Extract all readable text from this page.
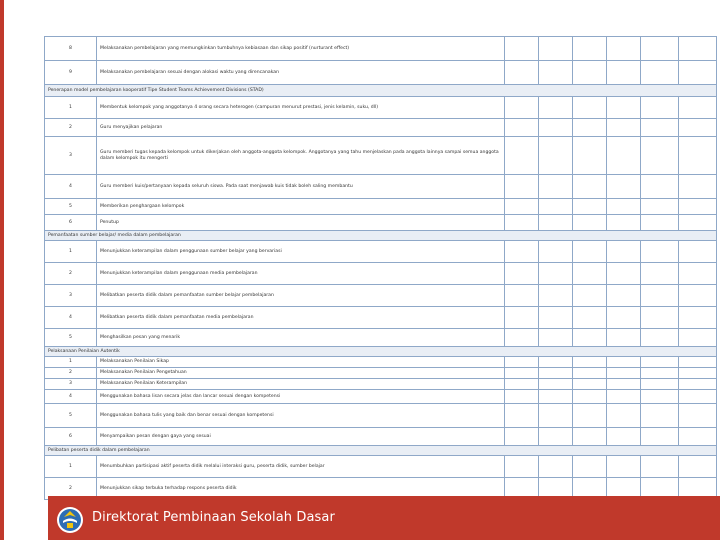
8	Melaksanakan pembelajaran yang memungkinkan tumbuhnya kebiasaan dan sikap positif (nurturant effect)						
9	Melaksanakan pembelajaran sesuai dengan alokasi waktu yang direncanakan						
Penerapan model pembelajaran kooperatif Tipe Student Teams Achievement Divisions (STAD)							
1	Membentuk kelompok yang anggotanya 4 orang secara heterogen (campuran menurut prestasi, jenis kelamin, suku, dll)						
2	Guru menyajikan pelajaran						
3	Guru memberi tugas kepada kelompok untuk dikerjakan oleh anggota-anggota kelompok. Anggotanya yang tahu menjelaskan pada anggota lainnya sampai semua anggota dalam kelompok itu mengerti						
4	Guru memberi kuis/pertanyaan kepada seluruh siswa. Pada saat menjawab kuis tidak boleh saling membantu						
5	Memberikan penghargaan kelompok						
6	Penutup						
Pemanfaatan sumber belajar/ media dalam pembelajaran							
1	Menunjukkan keterampilan dalam penggunaan sumber belajar yang bervariasi						
2	Menunjukkan keterampilan dalam penggunaan media pembelajaran						
3	Melibatkan peserta didik dalam pemanfaatan sumber belajar pembelajaran						
4	Melibatkan peserta didik dalam pemanfaatan media pembelajaran						
5	Menghasilkan pesan yang menarik						
Pelaksanaan Penilaian Autentik							
1	Melaksanakan Penilaian Sikap						
2	Melaksanakan Penilaian Pengetahuan						
3	Melaksanakan Penilaian Keterampilan						
4	Menggunakan bahasa lisan secara jelas dan lancar sesuai dengan kompetensi						
5	Menggunakan bahasa tulis yang baik dan benar sesuai dengan kompetensi						
6	Menyampaikan pesan dengan gaya yang sesuai						
Pelibatan peserta didik dalam pembelajaran							
1	Menumbuhkan partisipasi aktif peserta didik melalui interaksi guru, peserta didik, sumber belajar						
2	Menunjukkan sikap terbuka terhadap respons peserta didik						
Direktorat Pembinaan Sekolah Dasar
